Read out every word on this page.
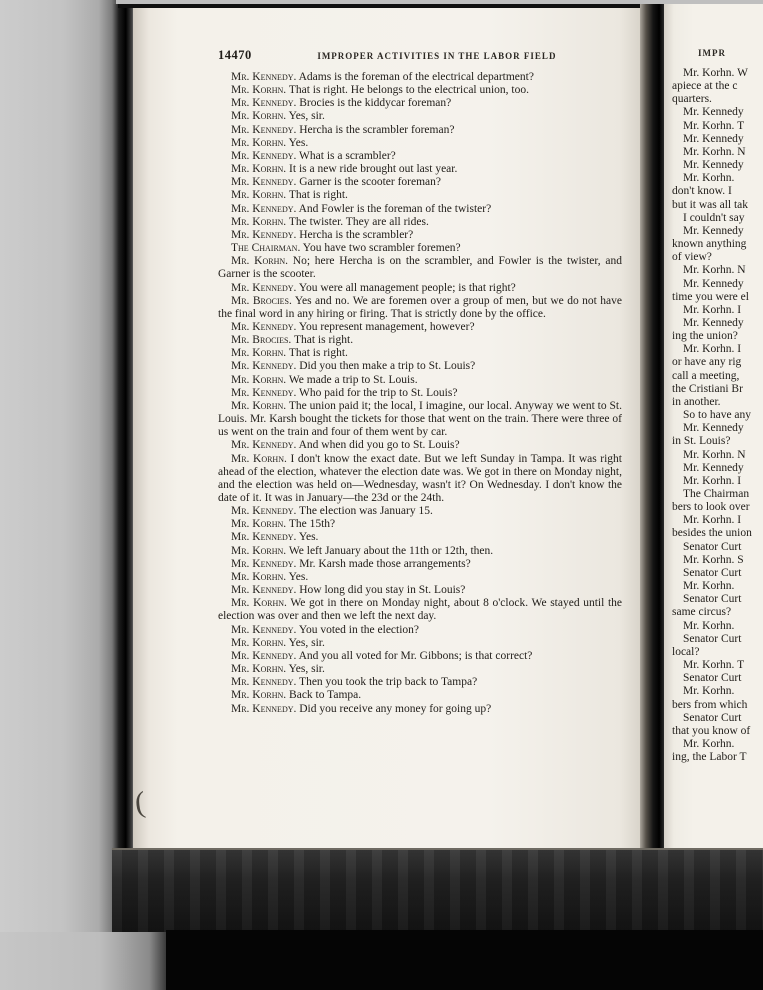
14470	IMPROPER ACTIVITIES IN THE LABOR FIELD

Mr. Kennedy. Adams is the foreman of the electrical department?

Mr. Korhn. That is right. He belongs to the electrical union, too.

Mr. Kennedy. Brocies is the kiddycar foreman?

Mr. Korhn. Yes, sir.

Mr. Kennedy. Hercha is the scrambler foreman?

Mr. Korhn. Yes.

Mr. Kennedy. What is a scrambler?

Mr. Korhn. It is a new ride brought out last year.

Mr. Kennedy. Garner is the scooter foreman?

Mr. Korhn. That is right.

Mr. Kennedy. And Fowler is the foreman of the twister?

Mr. Korhn. The twister. They are all rides.

Mr. Kennedy. Hercha is the scrambler?

The Chairman. You have two scrambler foremen?

Mr. Korhn. No; here Hercha is on the scrambler, and Fowler is the twister, and Garner is the scooter.

Mr. Kennedy. You were all management people; is that right?

Mr. Brocies. Yes and no. We are foremen over a group of men, but we do not have the final word in any hiring or firing. That is strictly done by the office.

Mr. Kennedy. You represent management, however?

Mr. Brocies. That is right.

Mr. Korhn. That is right.

Mr. Kennedy. Did you then make a trip to St. Louis?

Mr. Korhn. We made a trip to St. Louis.

Mr. Kennedy. Who paid for the trip to St. Louis?

Mr. Korhn. The union paid it; the local, I imagine, our local. Anyway we went to St. Louis. Mr. Karsh bought the tickets for those that went on the train. There were three of us went on the train and four of them went by car.

Mr. Kennedy. And when did you go to St. Louis?

Mr. Korhn. I don't know the exact date. But we left Sunday in Tampa. It was right ahead of the election, whatever the election date was. We got in there on Monday night, and the election was held on—Wednesday, wasn't it? On Wednesday. I don't know the date of it. It was in January—the 23d or the 24th.

Mr. Kennedy. The election was January 15.

Mr. Korhn. The 15th?

Mr. Kennedy. Yes.

Mr. Korhn. We left January about the 11th or 12th, then.

Mr. Kennedy. Mr. Karsh made those arrangements?

Mr. Korhn. Yes.

Mr. Kennedy. How long did you stay in St. Louis?

Mr. Korhn. We got in there on Monday night, about 8 o'clock. We stayed until the election was over and then we left the next day.

Mr. Kennedy. You voted in the election?

Mr. Korhn. Yes, sir.

Mr. Kennedy. And you all voted for Mr. Gibbons; is that correct?

Mr. Korhn. Yes, sir.

Mr. Kennedy. Then you took the trip back to Tampa?

Mr. Korhn. Back to Tampa.

Mr. Kennedy. Did you receive any money for going up?

(
IMPR
Mr. Korhn. W
apiece at the c
quarters.
Mr. Kennedy
Mr. Korhn. T
Mr. Kennedy
Mr. Korhn. N
Mr. Kennedy
Mr. Korhn.
don't know. I
but it was all tak
I couldn't say
Mr. Kennedy
known anything
of view?
Mr. Korhn. N
Mr. Kennedy
time you were el
Mr. Korhn. I
Mr. Kennedy
ing the union?
Mr. Korhn. I
or have any rig
call a meeting,
the Cristiani Br
in another.
So to have any
Mr. Kennedy
in St. Louis?
Mr. Korhn. N
Mr. Kennedy
Mr. Korhn. I
The Chairman
bers to look over
Mr. Korhn. I
besides the union
Senator Curt
Mr. Korhn. S
Senator Curt
Mr. Korhn.
Senator Curt
same circus?
Mr. Korhn.
Senator Curt
local?
Mr. Korhn. T
Senator Curt
Mr. Korhn.
bers from which
Senator Curt
that you know of
Mr. Korhn.
ing, the Labor T
